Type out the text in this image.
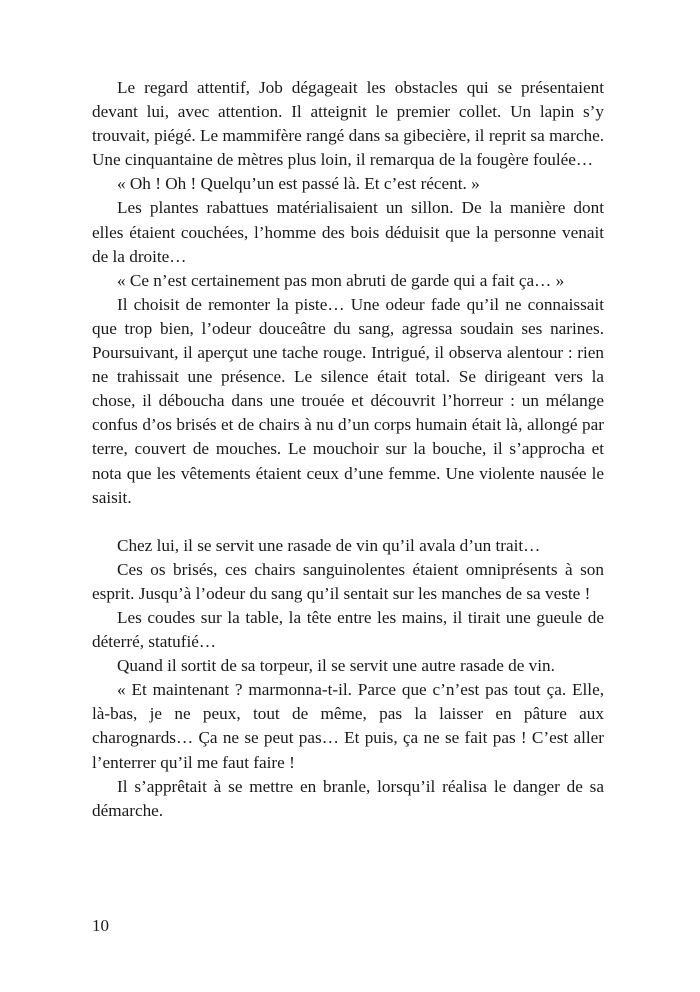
Le regard attentif, Job dégageait les obstacles qui se présentaient devant lui, avec attention. Il atteignit le premier collet. Un lapin s’y trouvait, piégé. Le mammifère rangé dans sa gibecière, il reprit sa marche. Une cinquantaine de mètres plus loin, il remarqua de la fougère foulée…

« Oh ! Oh ! Quelqu’un est passé là. Et c’est récent. »

Les plantes rabattues matérialisaient un sillon. De la manière dont elles étaient couchées, l’homme des bois déduisit que la personne venait de la droite…

« Ce n’est certainement pas mon abruti de garde qui a fait ça… »

Il choisit de remonter la piste… Une odeur fade qu’il ne connaissait que trop bien, l’odeur douceâtre du sang, agressa soudain ses narines. Poursuivant, il aperçut une tache rouge. Intrigué, il observa alentour : rien ne trahissait une présence. Le silence était total. Se dirigeant vers la chose, il déboucha dans une trouée et découvrit l’horreur : un mélange confus d’os brisés et de chairs à nu d’un corps humain était là, allongé par terre, couvert de mouches. Le mouchoir sur la bouche, il s’approcha et nota que les vêtements étaient ceux d’une femme. Une violente nausée le saisit.

Chez lui, il se servit une rasade de vin qu’il avala d’un trait…

Ces os brisés, ces chairs sanguinolentes étaient omniprésents à son esprit. Jusqu’à l’odeur du sang qu’il sentait sur les manches de sa veste !

Les coudes sur la table, la tête entre les mains, il tirait une gueule de déterré, statufié…

Quand il sortit de sa torpeur, il se servit une autre rasade de vin.

« Et maintenant ? marmonna-t-il. Parce que c’n’est pas tout ça. Elle, là-bas, je ne peux, tout de même, pas la laisser en pâture aux charognards… Ça ne se peut pas… Et puis, ça ne se fait pas ! C’est aller l’enterrer qu’il me faut faire !

Il s’apprêtait à se mettre en branle, lorsqu’il réalisa le danger de sa démarche.

10
